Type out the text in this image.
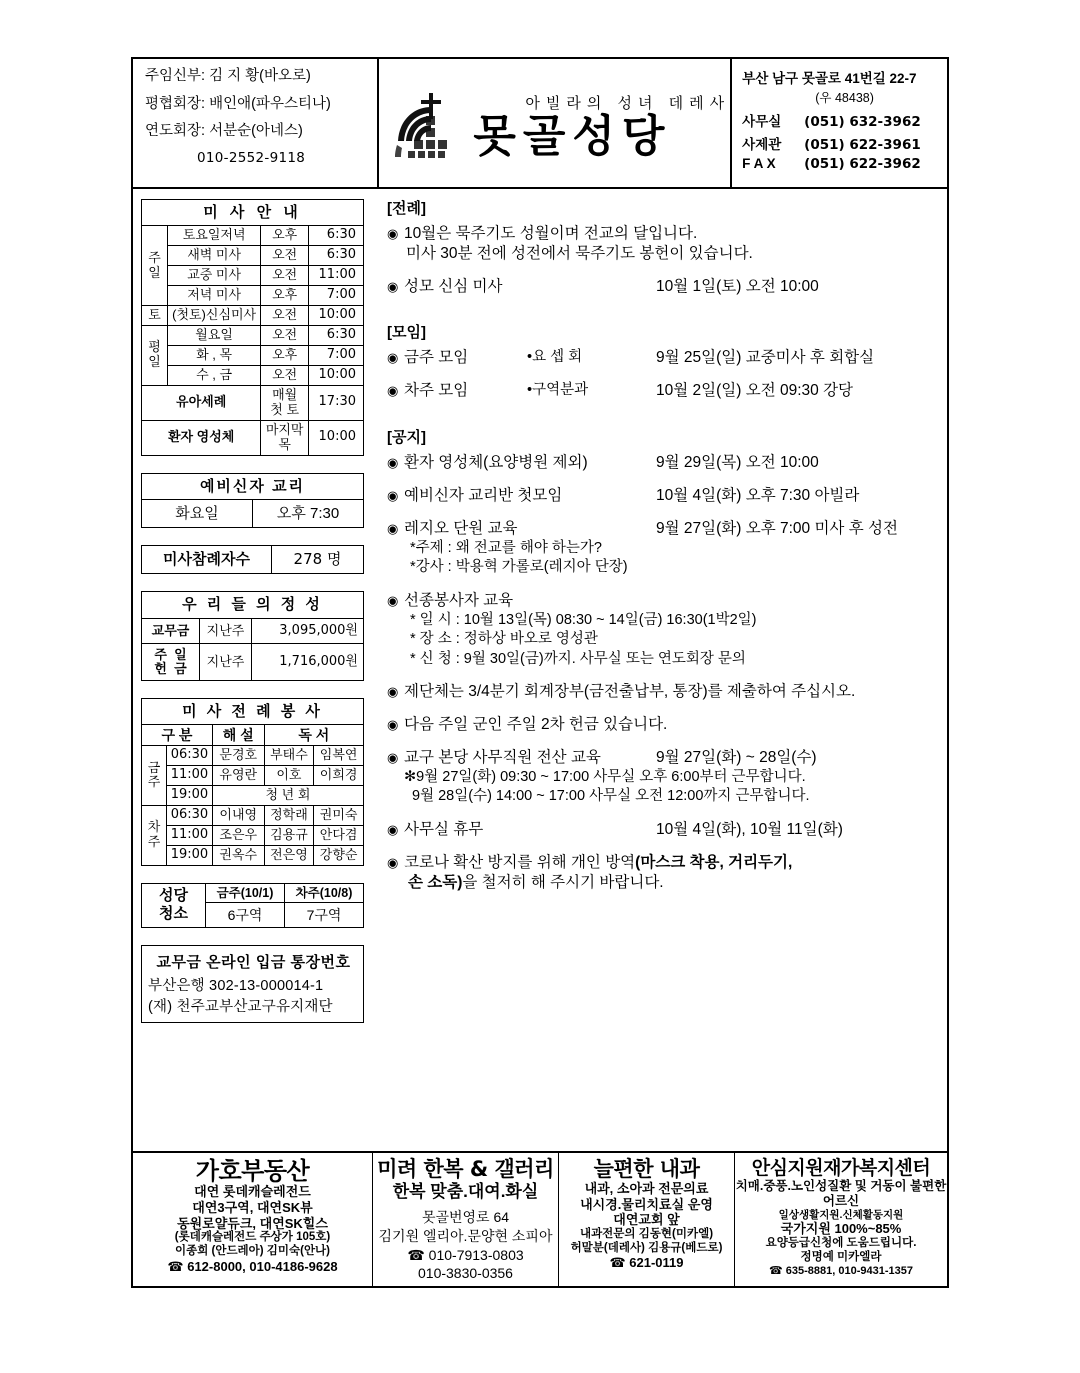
주임신부: 김 지 황(바오로)
평협회장: 배인애(파우스티나)
연도회장: 서분순(아네스)
010-2552-9118
아빌라의 성녀 데레사
못골성당
부산 남구 못골로 41번길 22-7
(우 48438)
사무실 (051) 632-3962
사제관 (051) 622-3961
F A X (051) 622-3962
미 사 안 내			
주
일	토요일저녁	오후	6:30
	새벽 미사	오전	6:30
	교중 미사	오전	11:00
	저녁 미사	오후	7:00
토	(첫토)신심미사	오전	10:00
평
일	월요일	오전	6:30
	화 , 목	오후	7:00
	수 , 금	오전	10:00
유아세례		매월 첫 토	17:30
환자 영성체		마지막 목	10:00
예비신자 교리
화요일	오후 7:30
미사참례자수	278 명
우 리 들 의 정 성		
교무금	지난주	3,095,000원
주  일
헌  금	지난주	1,716,000원
미 사 전 례 봉 사				
구 분		해 설	독 서	
금
주	06:30	문경호	부태수	임복연
	11:00	유영란	이호	이희경
	19:00	청 년 회		
차
주	06:30	이내영	정학래	권미숙
	11:00	조은우	김용규	안다겸
	19:00	권옥수	전은영	강향순
성당
청소	금주(10/1)	차주(10/8)
	6구역	7구역
교무금 온라인 입금 통장번호
부산은행 302-13-000014-1
(재) 천주교부산교구유지재단
[전례]
◉ 10월은 묵주기도 성월이며 전교의 달입니다.
미사 30분 전에 성전에서 묵주기도 봉헌이 있습니다.
◉ 성모 신심 미사	10월 1일(토) 오전 10:00
[모임]
◉ 금주 모임	•요 셉 회	9월 25일(일) 교중미사 후 회합실
◉ 차주 모임	•구역분과	10월 2일(일) 오전 09:30 강당
[공지]
◉ 환자 영성체(요양병원 제외)	9월 29일(목) 오전 10:00
◉ 예비신자 교리반 첫모임	10월 4일(화) 오후 7:30 아빌라
◉ 레지오 단원 교육	9월 27일(화) 오후 7:00 미사 후 성전
*주제 : 왜 전교를 해야 하는가?
*강사 : 박용혁 가롤로(레지아 단장)
◉ 선종봉사자 교육
* 일 시 : 10월 13일(목) 08:30 ~ 14일(금) 16:30(1박2일)
* 장 소 : 정하상 바오로 영성관
* 신 청 : 9월 30일(금)까지. 사무실 또는 연도회장 문의
◉ 제단체는 3/4분기 회계장부(금전출납부, 통장)를 제출하여 주십시오.
◉ 다음 주일 군인 주일 2차 헌금 있습니다.
◉ 교구 본당 사무직원 전산 교육	9월 27일(화) ~ 28일(수)
✻9월 27일(화) 09:30 ~ 17:00 사무실 오후 6:00부터 근무합니다.
9월 28일(수) 14:00 ~ 17:00 사무실 오전 12:00까지 근무합니다.
◉ 사무실 휴무	10월 4일(화), 10월 11일(화)
◉ 코로나 확산 방지를 위해 개인 방역(마스크 착용, 거리두기,
손 소독)을 철저히 해 주시기 바랍니다.
가호부동산
대연 롯데캐슬레전드
대연3구역, 대연SK뷰
동원로얄듀크, 대연SK힐스
(롯데캐슬레전드 주상가 105호)
이종희 (안드레아) 김미숙(안나)
☎ 612-8000, 010-4186-9628
미려 한복 & 갤러리
한복 맞춤.대여.화실
못골번영로 64
김기원 엘리아.문양현 소피아
☎ 010-7913-0803
010-3830-0356
늘편한 내과
내과, 소아과 전문의료
내시경.물리치료실 운영
대연교회 앞
내과전문의 김동현(미카엘)
허말분(데레사) 김용규(베드로)
☎ 621-0119
안심지원재가복지센터
치매.중풍.노인성질환 및 거동이 불편한
어르신
일상생활지원.신체활동지원
국가지원 100%~85%
요양등급신청에 도움드립니다.
정명예 미카엘라
☎ 635-8881, 010-9431-1357
